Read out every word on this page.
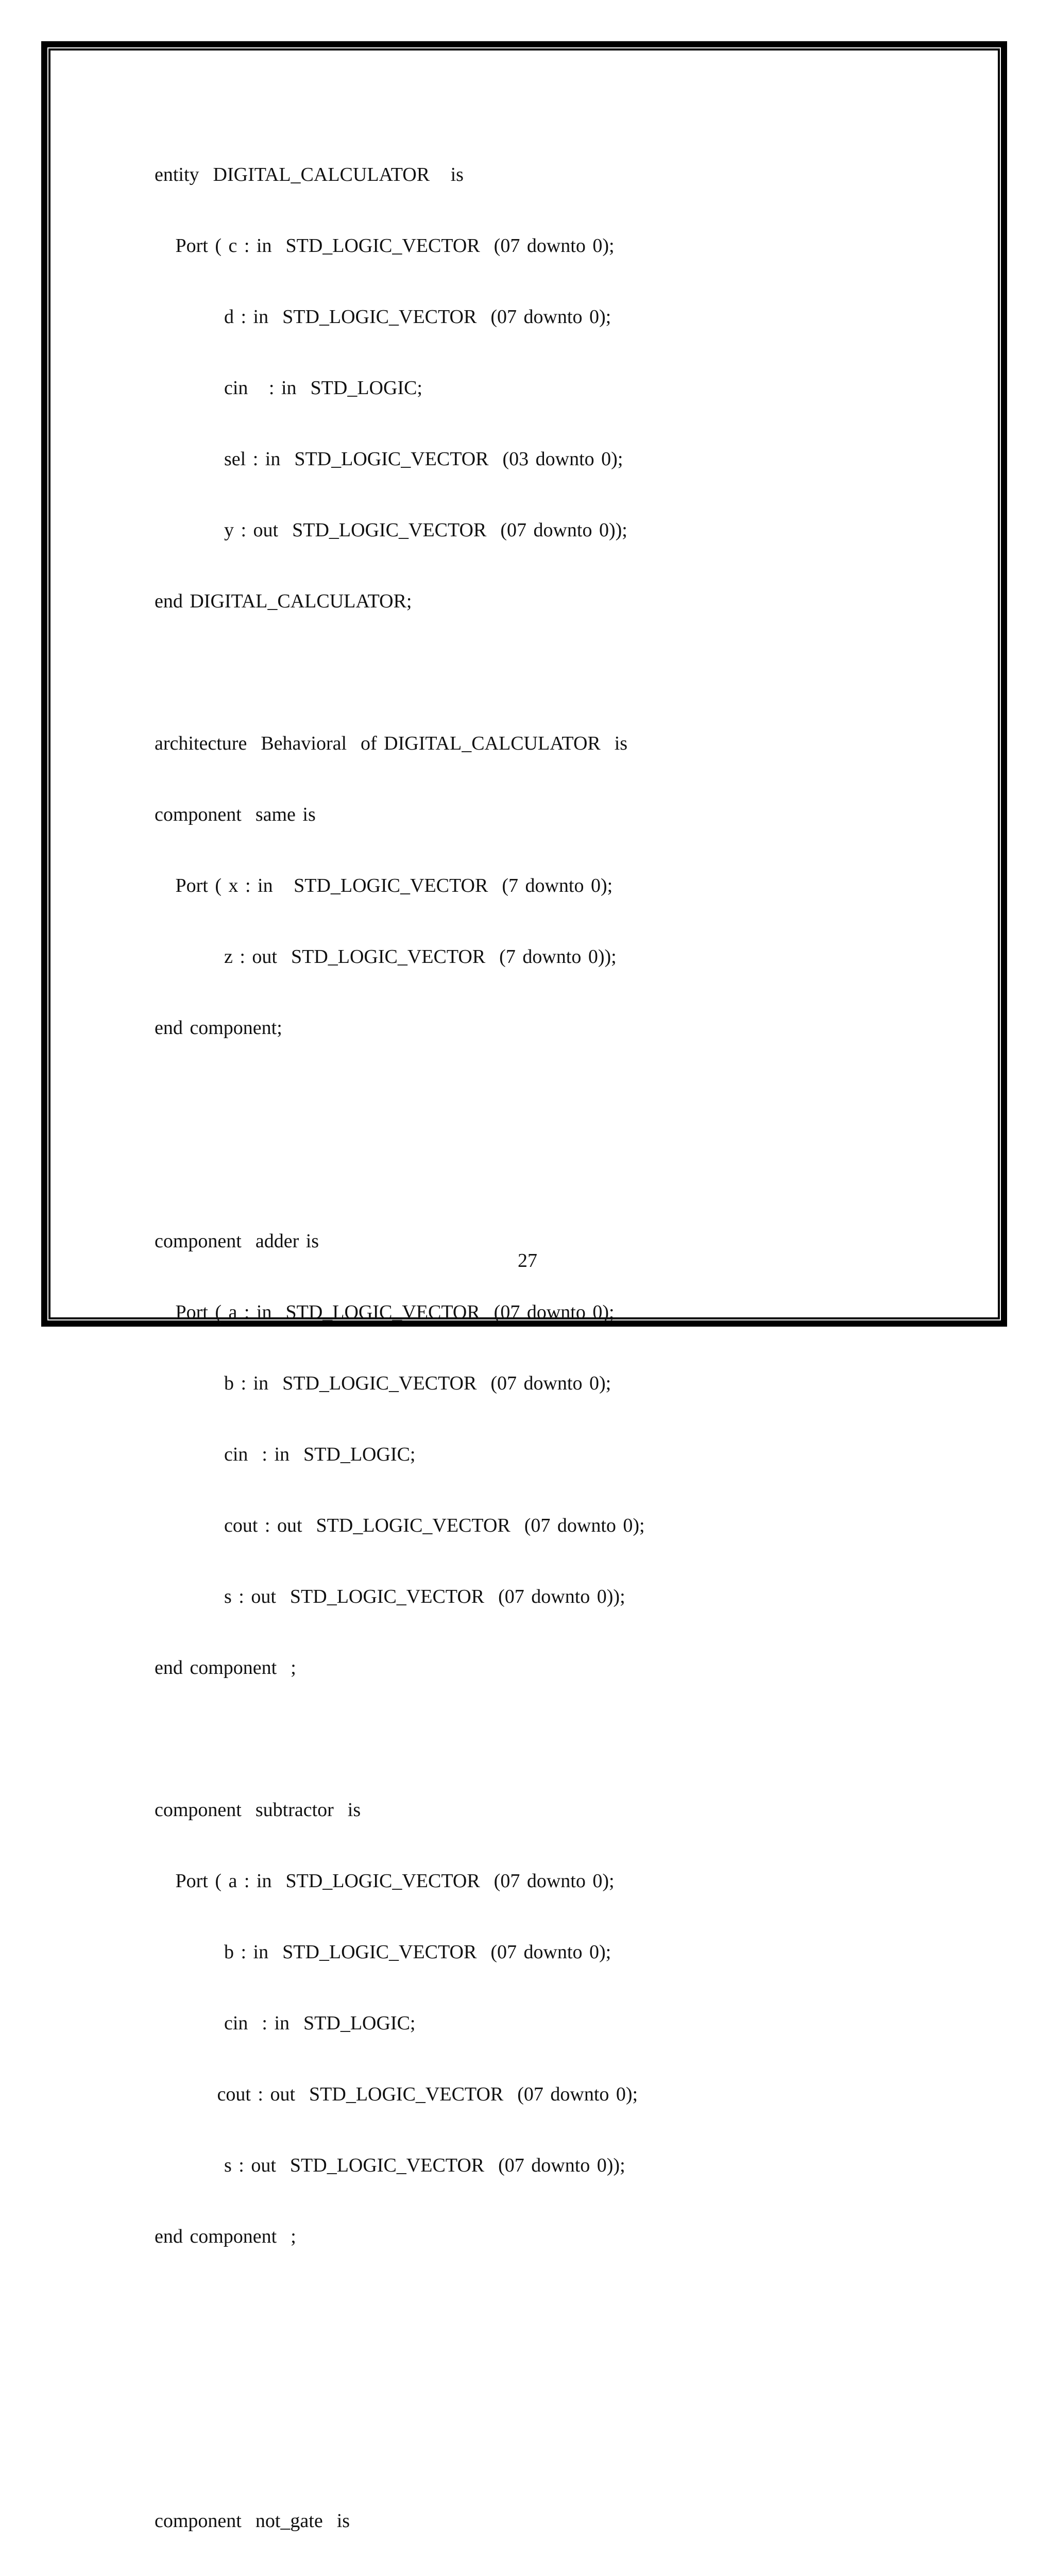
entity  DIGITAL_CALCULATOR   is

Port ( c : in  STD_LOGIC_VECTOR  (07 downto 0);

d : in  STD_LOGIC_VECTOR  (07 downto 0);

cin   : in  STD_LOGIC;

sel : in  STD_LOGIC_VECTOR  (03 downto 0);

y : out  STD_LOGIC_VECTOR  (07 downto 0));

end DIGITAL_CALCULATOR;

architecture  Behavioral  of DIGITAL_CALCULATOR  is

component  same is

Port ( x : in   STD_LOGIC_VECTOR  (7 downto 0);

z : out  STD_LOGIC_VECTOR  (7 downto 0));

end component;

component  adder is

Port ( a : in  STD_LOGIC_VECTOR  (07 downto 0);

b : in  STD_LOGIC_VECTOR  (07 downto 0);

cin  : in  STD_LOGIC;

cout : out  STD_LOGIC_VECTOR  (07 downto 0);

s : out  STD_LOGIC_VECTOR  (07 downto 0));

end component  ;

component  subtractor  is

Port ( a : in  STD_LOGIC_VECTOR  (07 downto 0);

b : in  STD_LOGIC_VECTOR  (07 downto 0);

cin  : in  STD_LOGIC;

cout : out  STD_LOGIC_VECTOR  (07 downto 0);

s : out  STD_LOGIC_VECTOR  (07 downto 0));

end component  ;

component  not_gate  is

27
